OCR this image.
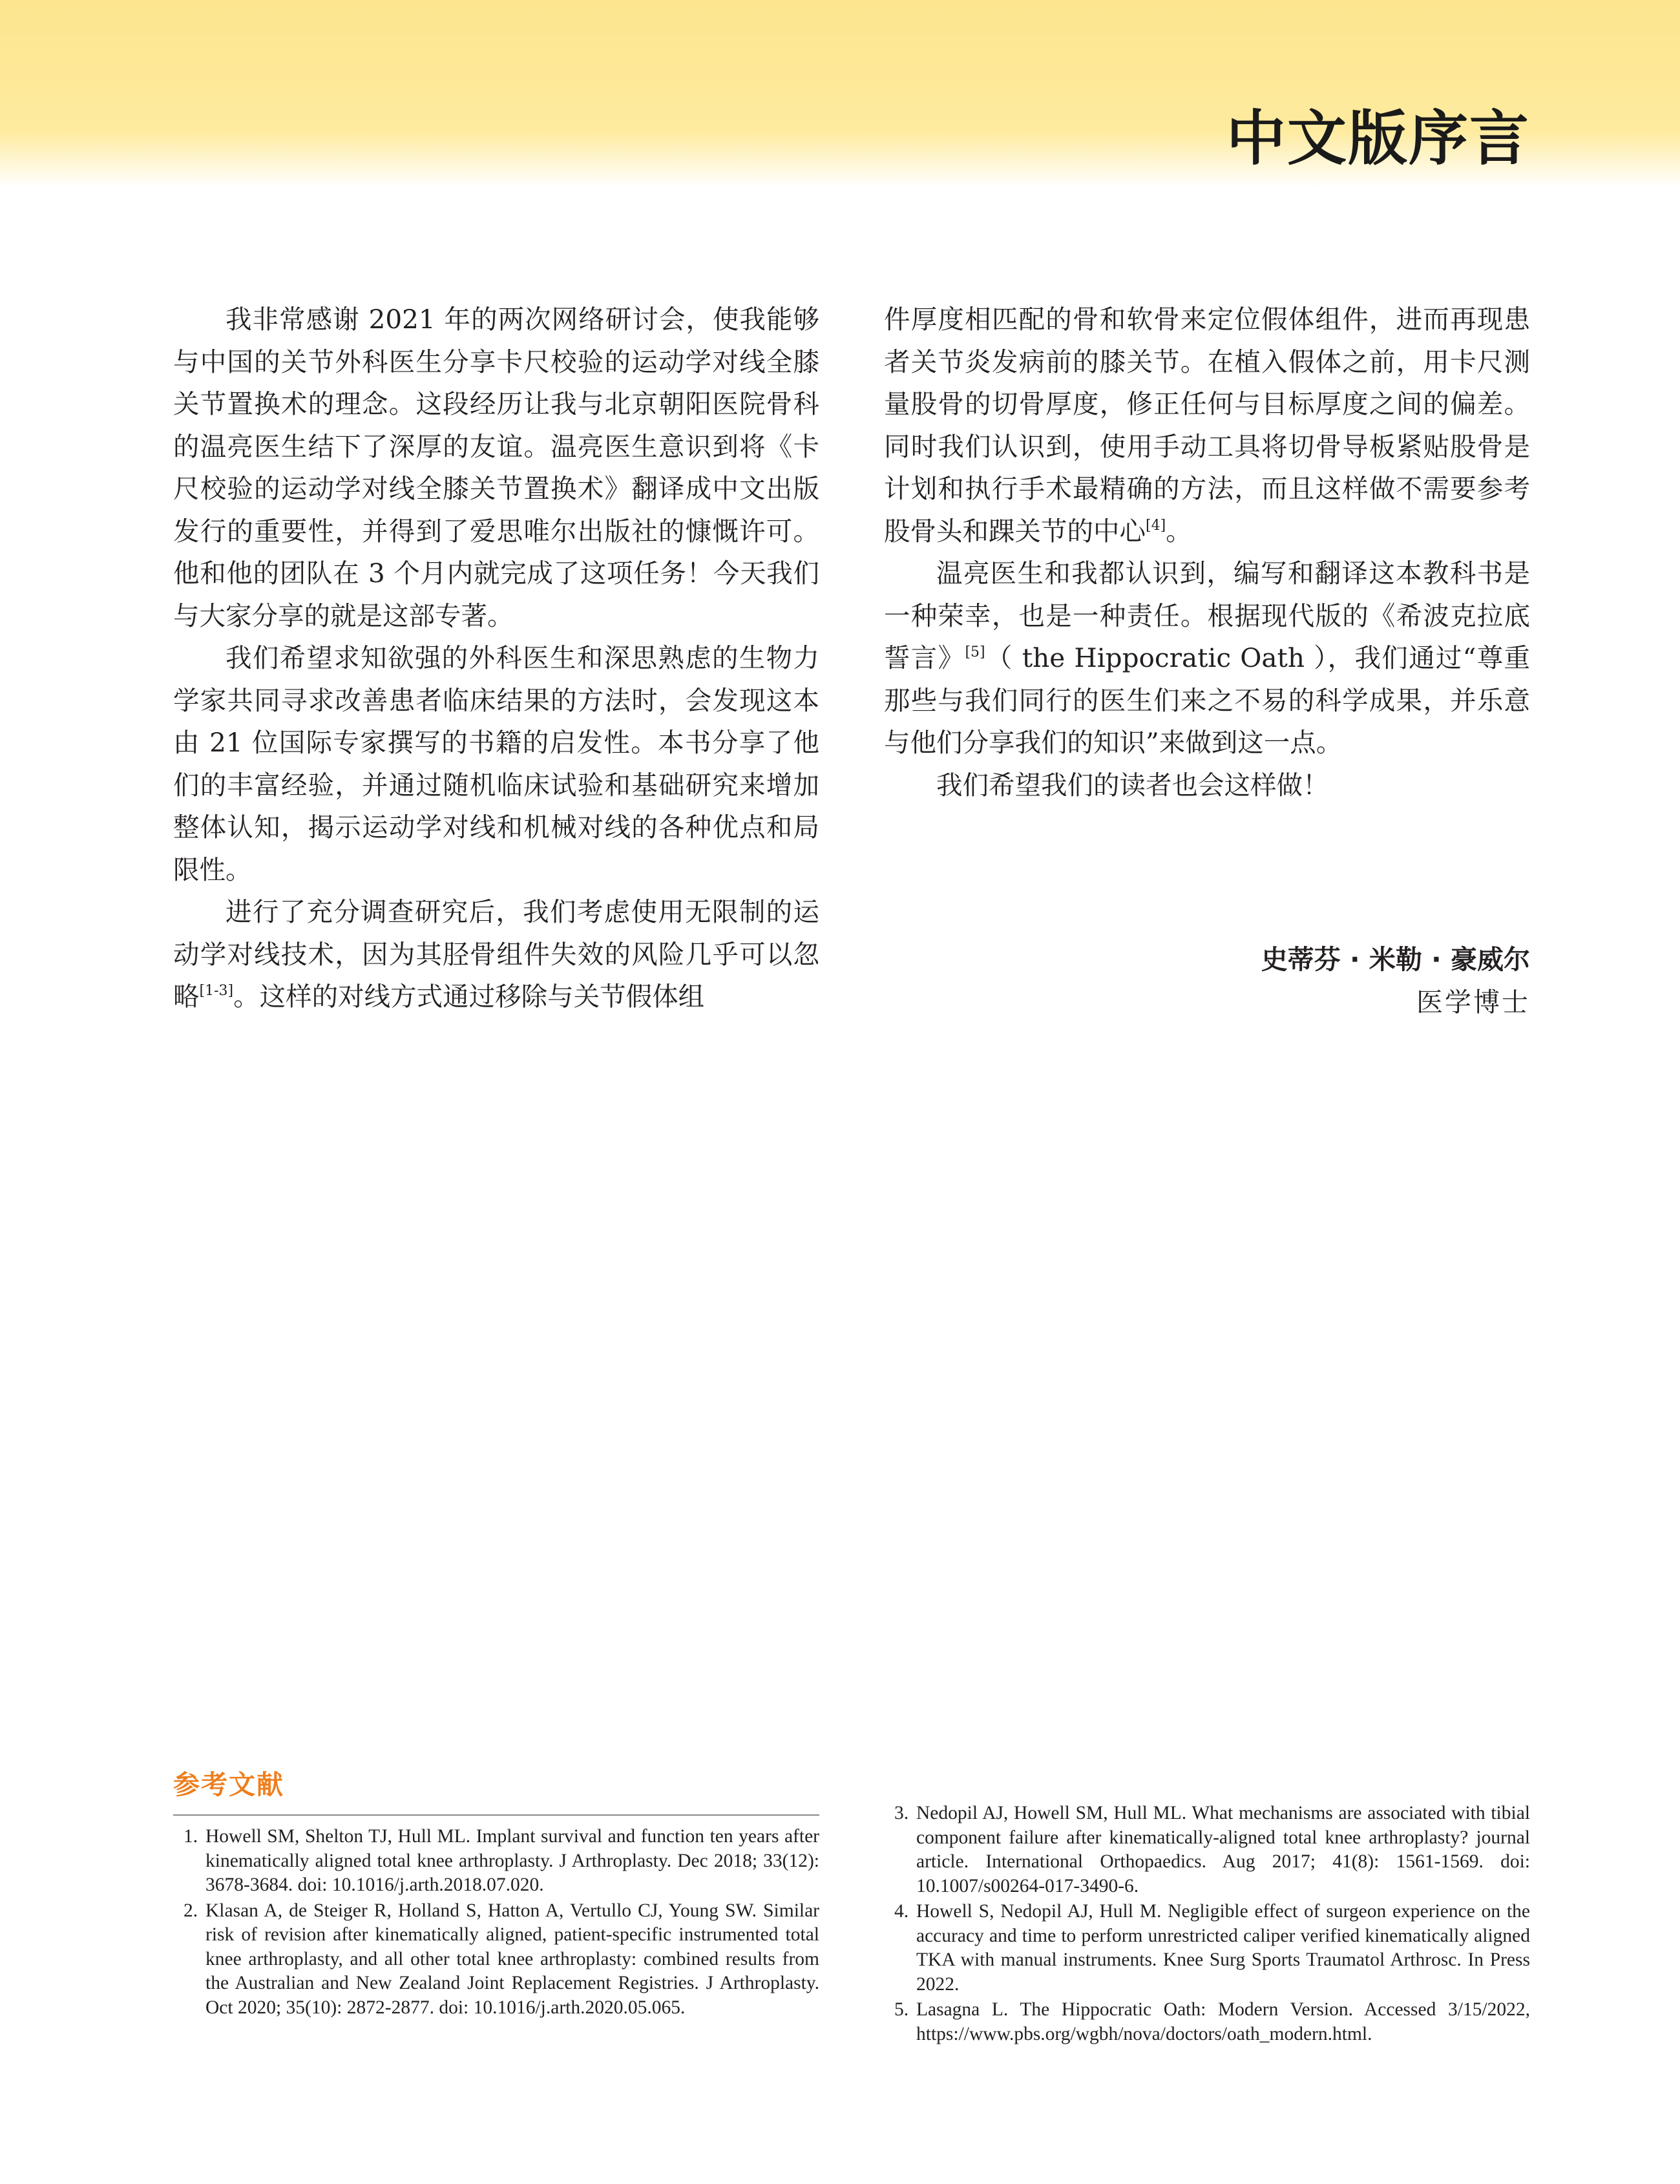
中文版序言

我非常感谢 2021 年的两次网络研讨会，使我能够与中国的关节外科医生分享卡尺校验的运动学对线全膝关节置换术的理念。这段经历让我与北京朝阳医院骨科的温亮医生结下了深厚的友谊。温亮医生意识到将《卡尺校验的运动学对线全膝关节置换术》翻译成中文出版发行的重要性，并得到了爱思唯尔出版社的慷慨许可。他和他的团队在 3 个月内就完成了这项任务！今天我们与大家分享的就是这部专著。

我们希望求知欲强的外科医生和深思熟虑的生物力学家共同寻求改善患者临床结果的方法时，会发现这本由 21 位国际专家撰写的书籍的启发性。本书分享了他们的丰富经验，并通过随机临床试验和基础研究来增加整体认知，揭示运动学对线和机械对线的各种优点和局限性。

进行了充分调查研究后，我们考虑使用无限制的运动学对线技术，因为其胫骨组件失效的风险几乎可以忽略[1-3]。这样的对线方式通过移除与关节假体组

件厚度相匹配的骨和软骨来定位假体组件，进而再现患者关节炎发病前的膝关节。在植入假体之前，用卡尺测量股骨的切骨厚度，修正任何与目标厚度之间的偏差。同时我们认识到，使用手动工具将切骨导板紧贴股骨是计划和执行手术最精确的方法，而且这样做不需要参考股骨头和踝关节的中心[4]。

温亮医生和我都认识到，编写和翻译这本教科书是一种荣幸，也是一种责任。根据现代版的《希波克拉底誓言》[5]（ the Hippocratic Oath ），我们通过“尊重那些与我们同行的医生们来之不易的科学成果，并乐意与他们分享我们的知识”来做到这一点。

我们希望我们的读者也会这样做！

史蒂芬 · 米勒 · 豪威尔
医学博士
参考文献
1. Howell SM, Shelton TJ, Hull ML. Implant survival and function ten years after kinematically aligned total knee arthroplasty. J Arthroplasty. Dec 2018; 33(12): 3678-3684. doi: 10.1016/j.arth.2018.07.020.
2. Klasan A, de Steiger R, Holland S, Hatton A, Vertullo CJ, Young SW. Similar risk of revision after kinematically aligned, patient-specific instrumented total knee arthroplasty, and all other total knee arthroplasty: combined results from the Australian and New Zealand Joint Replacement Registries. J Arthroplasty. Oct 2020; 35(10): 2872-2877. doi: 10.1016/j.arth.2020.05.065.
3. Nedopil AJ, Howell SM, Hull ML. What mechanisms are associated with tibial component failure after kinematically-aligned total knee arthroplasty? journal article. International Orthopaedics. Aug 2017; 41(8): 1561-1569. doi: 10.1007/s00264-017-3490-6.
4. Howell S, Nedopil AJ, Hull M. Negligible effect of surgeon experience on the accuracy and time to perform unrestricted caliper verified kinematically aligned TKA with manual instruments. Knee Surg Sports Traumatol Arthrosc. In Press 2022.
5. Lasagna L. The Hippocratic Oath: Modern Version. Accessed 3/15/2022, https://www.pbs.org/wgbh/nova/doctors/oath_modern.html.
